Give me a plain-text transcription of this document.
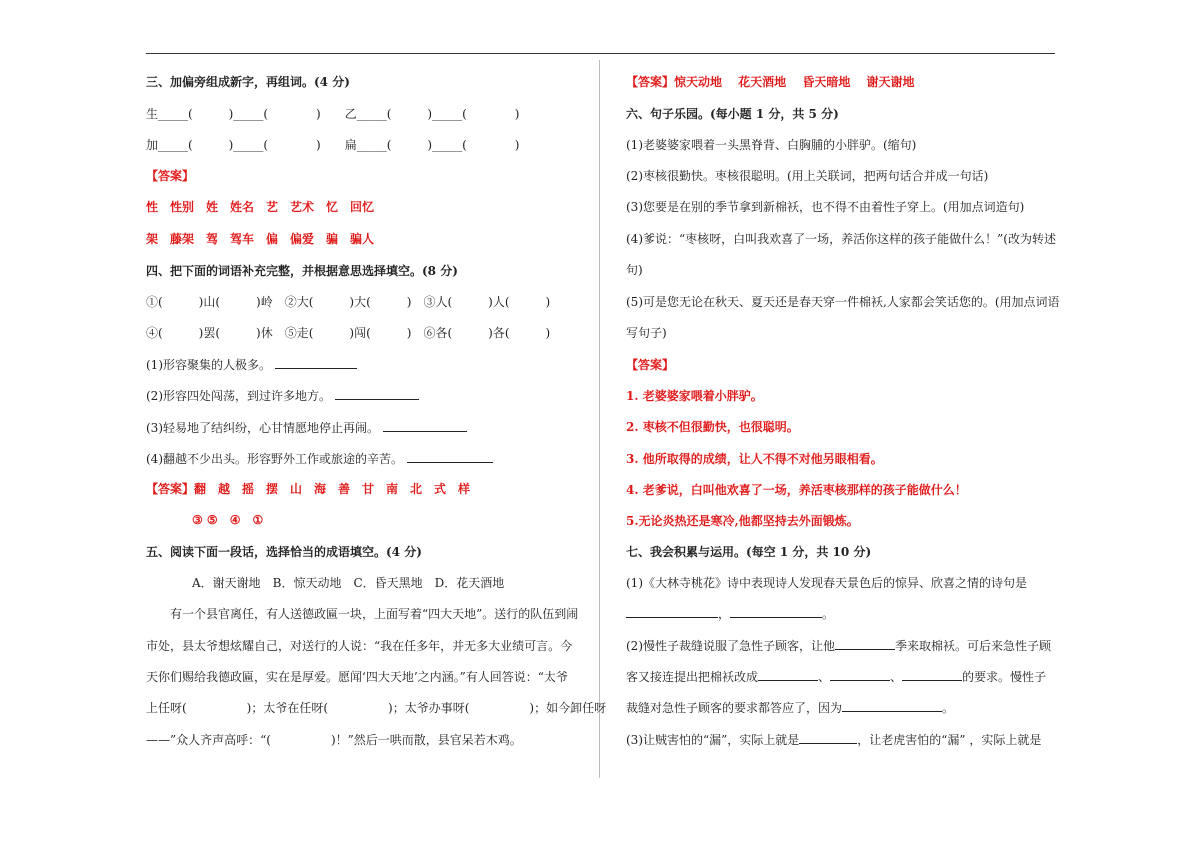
三、加偏旁组成新字，再组词。(4 分)
生_____(　　　)_____(　　　　)　　乙_____(　　　)_____(　　　　)
加_____(　　　)_____(　　　　)　　扁_____(　　　)_____(　　　　)
【答案】
性　性别　姓　姓名　艺　艺术　忆　回忆
架　藤架　驾　驾车　偏　偏爱　骗　骗人
四、把下面的词语补充完整，并根据意思选择填空。(8 分)
①(　　　)山(　　　)岭　②大(　　　)大(　　　)　③人(　　　)人(　　　)
④(　　　)罢(　　　)休　⑤走(　　　)闯(　　　)　⑥各(　　　)各(　　　)
(1)形容聚集的人极多。
(2)形容四处闯荡，到过许多地方。
(3)轻易地了结纠纷，心甘情愿地停止再闹。
(4)翻越不少出头。形容野外工作或旅途的辛苦。
【答案】翻　越　摇　摆　山　海　善　甘　南　北　式　样
③ ⑤　④　①
五、阅读下面一段话，选择恰当的成语填空。(4 分)
A．谢天谢地　B．惊天动地　C．昏天黑地　D．花天酒地
有一个县官离任，有人送德政匾一块，上面写着“四大天地”。送行的队伍到闹
市处，县太爷想炫耀自己，对送行的人说：“我在任多年，并无多大业绩可言。今
天你们赐给我德政匾，实在是厚爱。愿闻‘四大天地’之内涵。”有人回答说：“太爷
上任呀(　　　　　)；太爷在任呀(　　　　　)；太爷办事呀(　　　　　)；如今卸任呀
——”众人齐声高呼：“(　　　　　)！”然后一哄而散，县官呆若木鸡。
【答案】惊天动地　 花天酒地　 昏天暗地　 谢天谢地
六、句子乐园。(每小题 1 分，共 5 分)
(1)老婆婆家喂着一头黑脊背、白胸脯的小胖驴。(缩句)
(2)枣核很勤快。枣核很聪明。(用上关联词，把两句话合并成一句话)
(3)您要是在别的季节拿到新棉袄，也不得不由着性子穿上。(用加点词造句)
(4)爹说：“枣核呀，白叫我欢喜了一场，养活你这样的孩子能做什么！”(改为转述
句)
(5)可是您无论在秋天、夏天还是春天穿一件棉袄,人家都会笑话您的。(用加点词语
写句子)
【答案】
1. 老婆婆家喂着小胖驴。
2. 枣核不但很勤快，也很聪明。
3. 他所取得的成绩，让人不得不对他另眼相看。
4. 老爹说，白叫他欢喜了一场，养活枣核那样的孩子能做什么！
5.无论炎热还是寒冷,他都坚持去外面锻炼。
七、我会积累与运用。(每空 1 分，共 10 分)
(1)《大林寺桃花》诗中表现诗人发现春天景色后的惊异、欣喜之情的诗句是
，	。
(2)慢性子裁缝说服了急性子顾客，让他	季来取棉袄。可后来急性子顾
客又接连提出把棉袄改成	、	、	的要求。慢性子
裁缝对急性子顾客的要求都答应了，因为	。
(3)让贼害怕的“漏”，实际上就是	，让老虎害怕的“漏” ，实际上就是
